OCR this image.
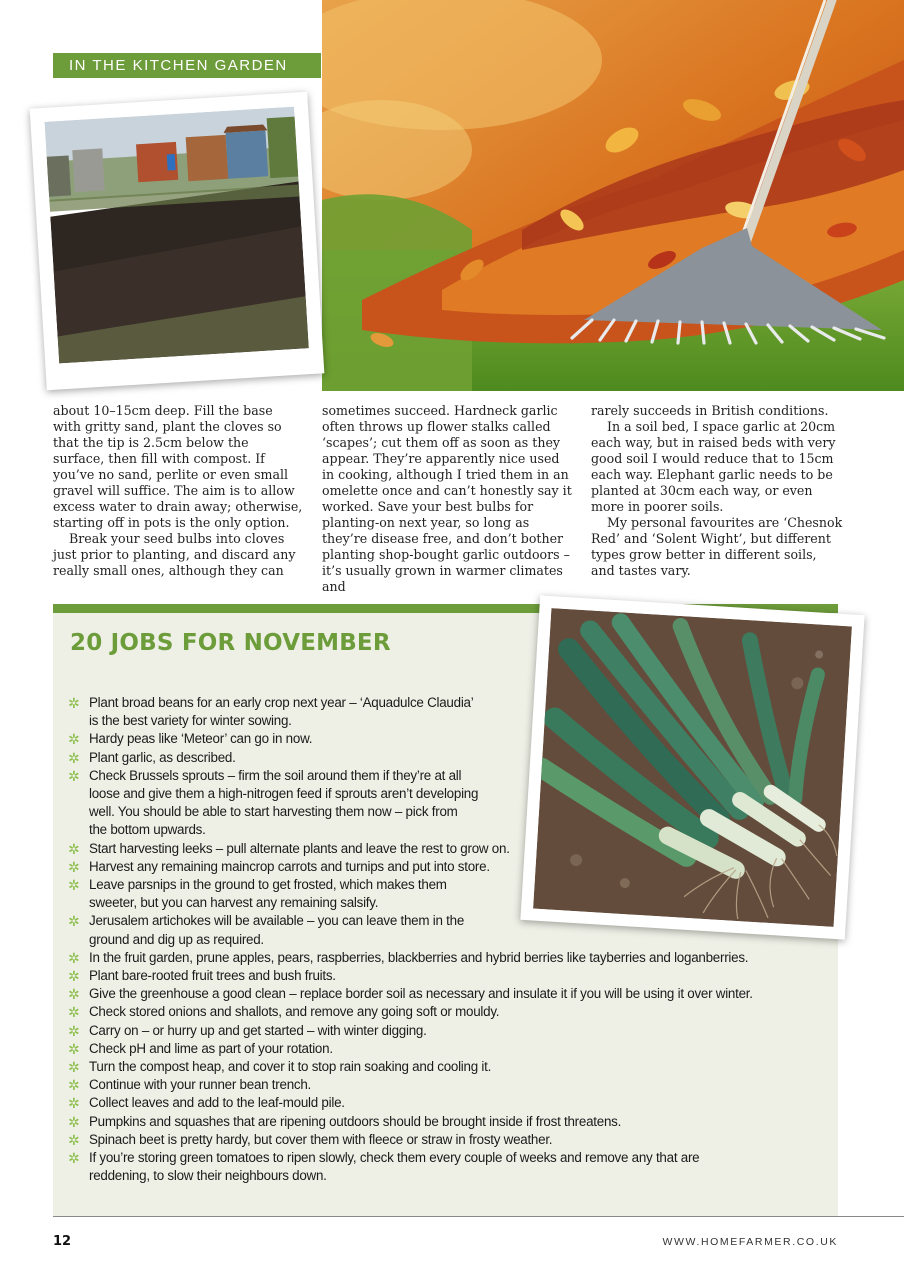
IN THE KITCHEN GARDEN

about 10–15cm deep. Fill the base with gritty sand, plant the cloves so that the tip is 2.5cm below the surface, then fill with compost. If you’ve no sand, perlite or even small gravel will suffice. The aim is to allow excess water to drain away; otherwise, starting off in pots is the only option.

Break your seed bulbs into cloves just prior to planting, and discard any really small ones, although they can

sometimes succeed. Hardneck garlic often throws up flower stalks called ‘scapes’; cut them off as soon as they appear. They’re apparently nice used in cooking, although I tried them in an omelette once and can’t honestly say it worked. Save your best bulbs for planting-on next year, so long as they’re disease free, and don’t bother planting shop-bought garlic outdoors – it’s usually grown in warmer climates and

rarely succeeds in British conditions.

In a soil bed, I space garlic at 20cm each way, but in raised beds with very good soil I would reduce that to 15cm each way. Elephant garlic needs to be planted at 30cm each way, or even more in poorer soils.

My personal favourites are ‘Chesnok Red’ and ‘Solent Wight’, but different types grow better in different soils, and tastes vary.

20 JOBS FOR NOVEMBER
✲ Plant broad beans for an early crop next year – ‘Aquadulce Claudia’
is the best variety for winter sowing.
✲ Hardy peas like ‘Meteor’ can go in now.
✲ Plant garlic, as described.
✲ Check Brussels sprouts – firm the soil around them if they’re at all
loose and give them a high-nitrogen feed if sprouts aren’t developing
well. You should be able to start harvesting them now – pick from
the bottom upwards.
✲ Start harvesting leeks – pull alternate plants and leave the rest to grow on.
✲ Harvest any remaining maincrop carrots and turnips and put into store.
✲ Leave parsnips in the ground to get frosted, which makes them
sweeter, but you can harvest any remaining salsify.
✲ Jerusalem artichokes will be available – you can leave them in the
ground and dig up as required.
✲ In the fruit garden, prune apples, pears, raspberries, blackberries and hybrid berries like tayberries and loganberries.
✲ Plant bare-rooted fruit trees and bush fruits.
✲ Give the greenhouse a good clean – replace border soil as necessary and insulate it if you will be using it over winter.
✲ Check stored onions and shallots, and remove any going soft or mouldy.
✲ Carry on – or hurry up and get started – with winter digging.
✲ Check pH and lime as part of your rotation.
✲ Turn the compost heap, and cover it to stop rain soaking and cooling it.
✲ Continue with your runner bean trench.
✲ Collect leaves and add to the leaf-mould pile.
✲ Pumpkins and squashes that are ripening outdoors should be brought inside if frost threatens.
✲ Spinach beet is pretty hardy, but cover them with fleece or straw in frosty weather.
✲ If you’re storing green tomatoes to ripen slowly, check them every couple of weeks and remove any that are
reddening, to slow their neighbours down.
12	WWW.HOMEFARMER.CO.UK
